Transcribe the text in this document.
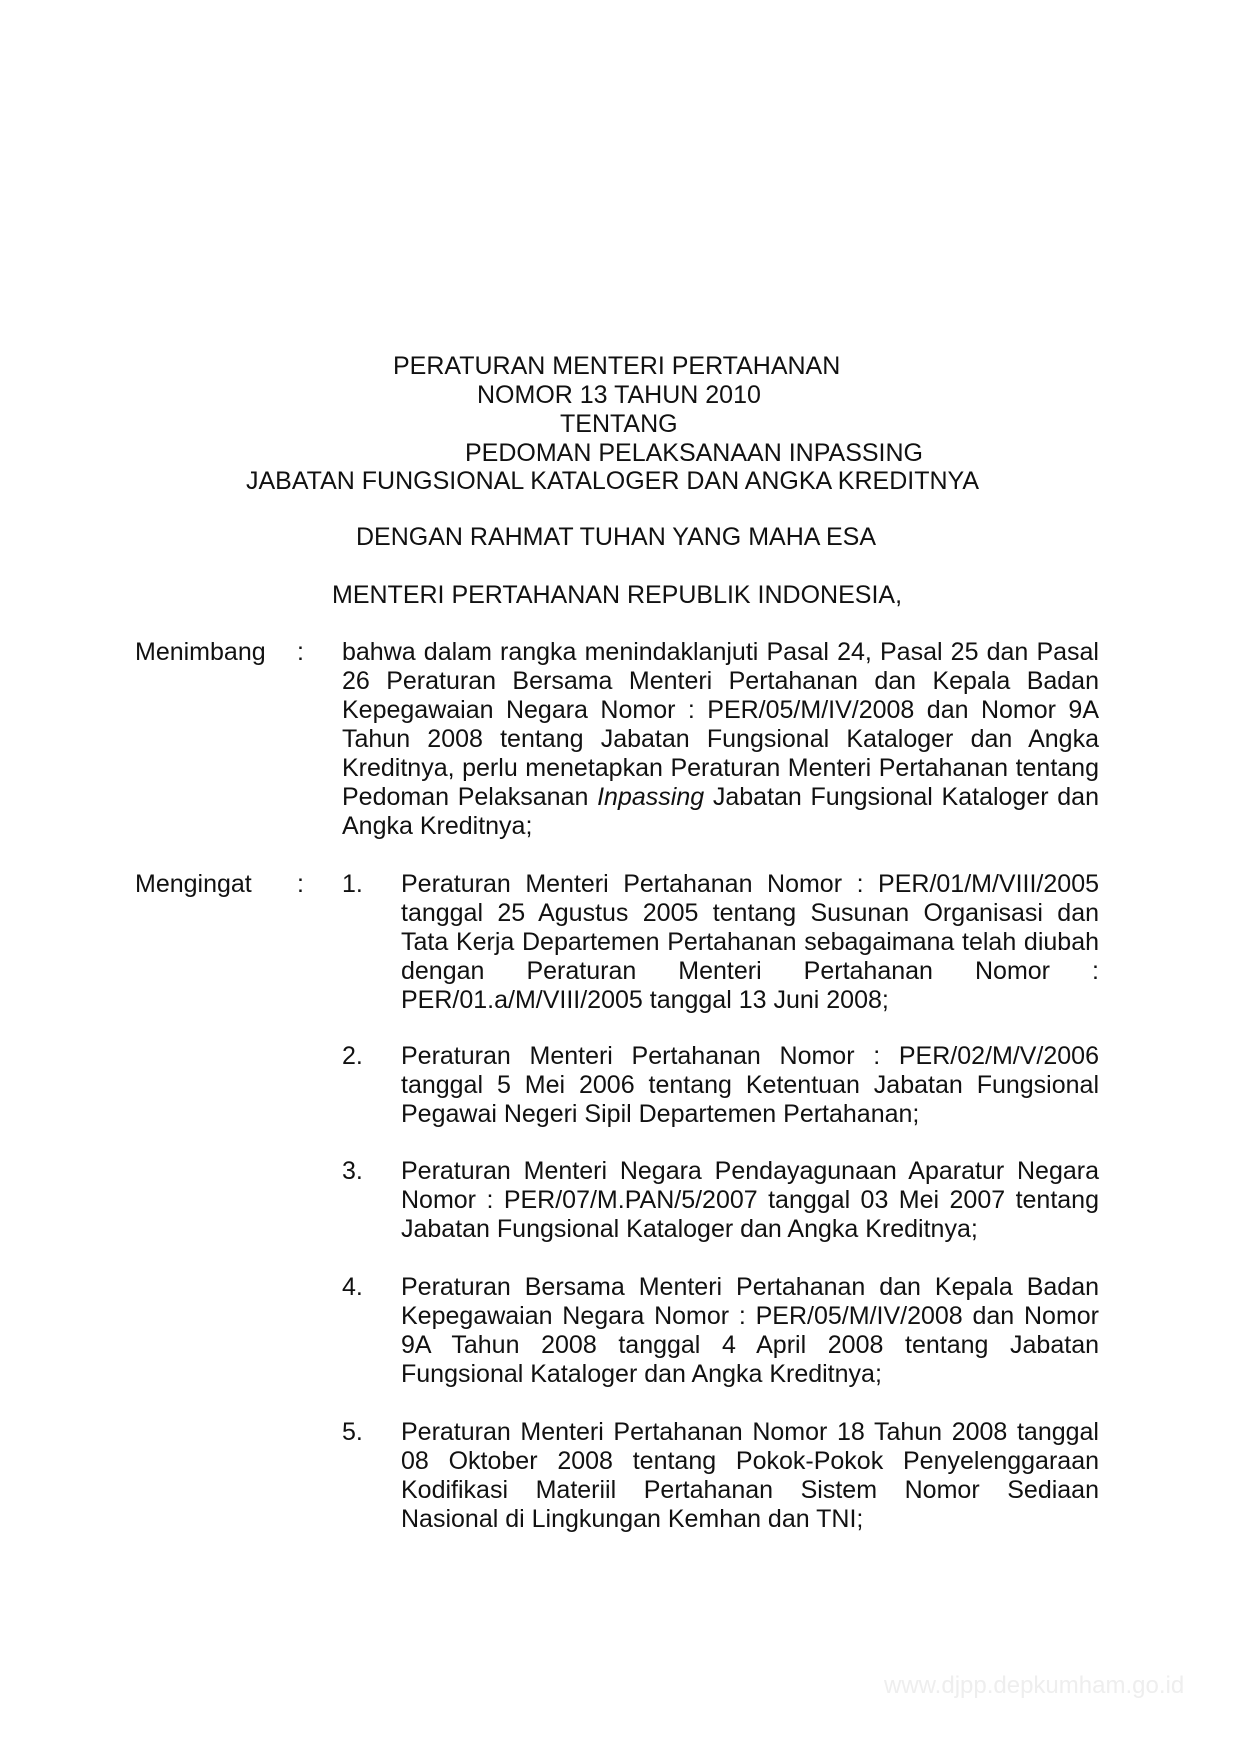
PERATURAN MENTERI PERTAHANAN
NOMOR 13 TAHUN 2010
TENTANG
PEDOMAN PELAKSANAAN INPASSING
JABATAN FUNGSIONAL KATALOGER DAN ANGKA KREDITNYA
DENGAN RAHMAT TUHAN YANG MAHA ESA
MENTERI PERTAHANAN REPUBLIK INDONESIA,
Menimbang : bahwa dalam rangka menindaklanjuti Pasal 24, Pasal 25 dan Pasal 26 Peraturan Bersama Menteri Pertahanan dan Kepala Badan Kepegawaian Negara Nomor : PER/05/M/IV/2008 dan Nomor 9A Tahun 2008 tentang Jabatan Fungsional Kataloger dan Angka Kreditnya, perlu menetapkan Peraturan Menteri Pertahanan tentang Pedoman Pelaksanan Inpassing Jabatan Fungsional Kataloger dan Angka Kreditnya;
Mengingat : 1. Peraturan Menteri Pertahanan Nomor : PER/01/M/VIII/2005 tanggal 25 Agustus 2005 tentang Susunan Organisasi dan Tata Kerja Departemen Pertahanan sebagaimana telah diubah dengan Peraturan Menteri Pertahanan Nomor :
PER/01.a/M/VIII/2005 tanggal 13 Juni 2008;
2. Peraturan Menteri Pertahanan Nomor : PER/02/M/V/2006 tanggal 5 Mei 2006 tentang Ketentuan Jabatan Fungsional Pegawai Negeri Sipil Departemen Pertahanan;
3. Peraturan Menteri Negara Pendayagunaan Aparatur Negara Nomor : PER/07/M.PAN/5/2007 tanggal 03 Mei 2007 tentang Jabatan Fungsional Kataloger dan Angka Kreditnya;
4. Peraturan Bersama Menteri Pertahanan dan Kepala Badan Kepegawaian Negara Nomor : PER/05/M/IV/2008 dan Nomor 9A Tahun 2008 tanggal 4 April 2008 tentang Jabatan Fungsional Kataloger dan Angka Kreditnya;
5. Peraturan Menteri Pertahanan Nomor 18 Tahun 2008 tanggal 08 Oktober 2008 tentang Pokok-Pokok Penyelenggaraan Kodifikasi Materiil Pertahanan Sistem Nomor Sediaan Nasional di Lingkungan Kemhan dan TNI;
www.djpp.depkumham.go.id
